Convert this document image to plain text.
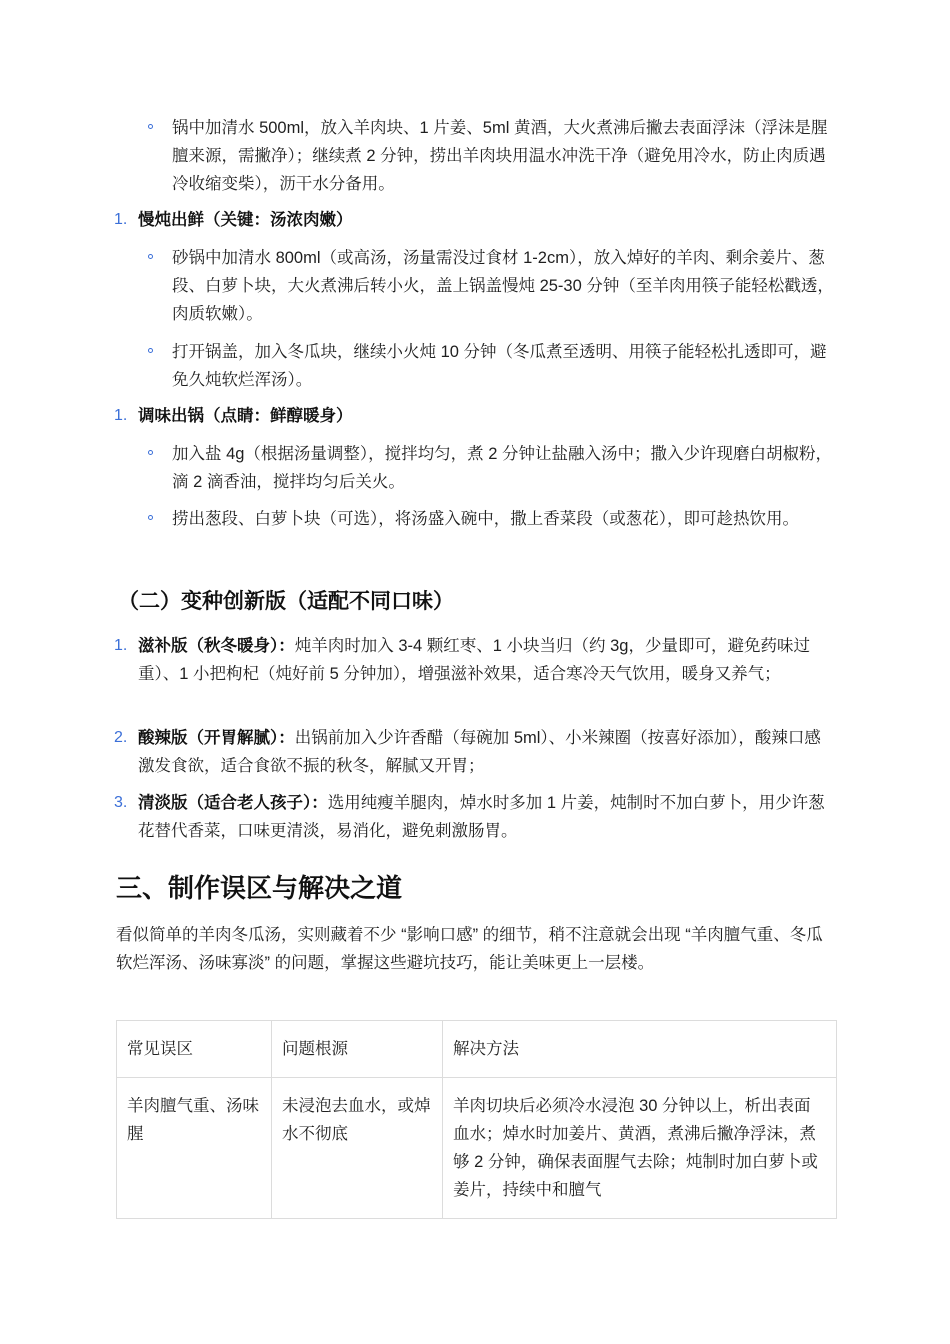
锅中加清水 500ml，放入羊肉块、1 片姜、5ml 黄酒，大火煮沸后撇去表面浮沫（浮沫是腥膻来源，需撇净）；继续煮 2 分钟，捞出羊肉块用温水冲洗干净（避免用冷水，防止肉质遇冷收缩变柴），沥干水分备用。
1. 慢炖出鲜（关键：汤浓肉嫩）
砂锅中加清水 800ml（或高汤，汤量需没过食材 1-2cm），放入焯好的羊肉、剩余姜片、葱段、白萝卜块，大火煮沸后转小火，盖上锅盖慢炖 25-30 分钟（至羊肉用筷子能轻松戳透，肉质软嫩）。
打开锅盖，加入冬瓜块，继续小火炖 10 分钟（冬瓜煮至透明、用筷子能轻松扎透即可，避免久炖软烂浑汤）。
1. 调味出锅（点睛：鲜醇暖身）
加入盐 4g（根据汤量调整），搅拌均匀，煮 2 分钟让盐融入汤中；撒入少许现磨白胡椒粉，滴 2 滴香油，搅拌均匀后关火。
捞出葱段、白萝卜块（可选），将汤盛入碗中，撒上香菜段（或葱花），即可趁热饮用。
（二）变种创新版（适配不同口味）
1. 滋补版（秋冬暖身）：炖羊肉时加入 3-4 颗红枣、1 小块当归（约 3g，少量即可，避免药味过重）、1 小把枸杞（炖好前 5 分钟加），增强滋补效果，适合寒冷天气饮用，暖身又养气；
2. 酸辣版（开胃解腻）：出锅前加入少许香醋（每碗加 5ml）、小米辣圈（按喜好添加），酸辣口感激发食欲，适合食欲不振的秋冬，解腻又开胃；
3. 清淡版（适合老人孩子）：选用纯瘦羊腿肉，焯水时多加 1 片姜，炖制时不加白萝卜，用少许葱花替代香菜，口味更清淡，易消化，避免刺激肠胃。
三、制作误区与解决之道
看似简单的羊肉冬瓜汤，实则藏着不少 “影响口感” 的细节，稍不注意就会出现 “羊肉膻气重、冬瓜软烂浑汤、汤味寡淡” 的问题，掌握这些避坑技巧，能让美味更上一层楼。
常见误区	问题根源	解决方法
羊肉膻气重、汤味腥	未浸泡去血水，或焯水不彻底	羊肉切块后必须冷水浸泡 30 分钟以上，析出表面血水；焯水时加姜片、黄酒，煮沸后撇净浮沫，煮够 2 分钟，确保表面腥气去除；炖制时加白萝卜或姜片，持续中和膻气
